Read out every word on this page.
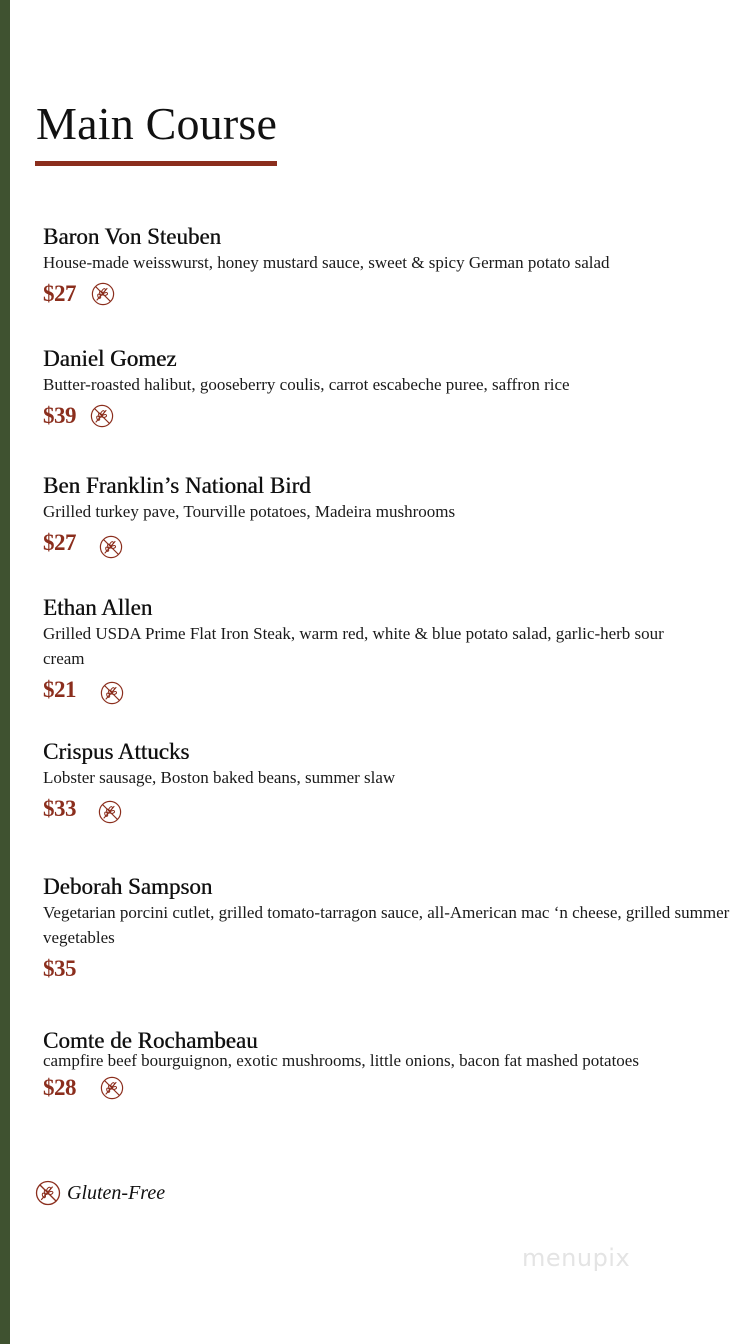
Main Course
Baron Von Steuben
House-made weisswurst, honey mustard sauce, sweet & spicy German potato salad
$27
Daniel Gomez
Butter-roasted halibut, gooseberry coulis, carrot escabeche puree, saffron rice
$39
Ben Franklin’s National Bird
Grilled turkey pave, Tourville potatoes, Madeira mushrooms
$27
Ethan Allen
Grilled USDA Prime Flat Iron Steak, warm red, white & blue potato salad, garlic-herb sour cream
$21
Crispus Attucks
Lobster sausage, Boston baked beans, summer slaw
$33
Deborah Sampson
Vegetarian porcini cutlet, grilled tomato-tarragon sauce, all-American mac ‘n cheese, grilled summer vegetables
$35
Comte de Rochambeau
campfire beef bourguignon, exotic mushrooms, little onions, bacon fat mashed potatoes
$28
Gluten-Free
menupix
